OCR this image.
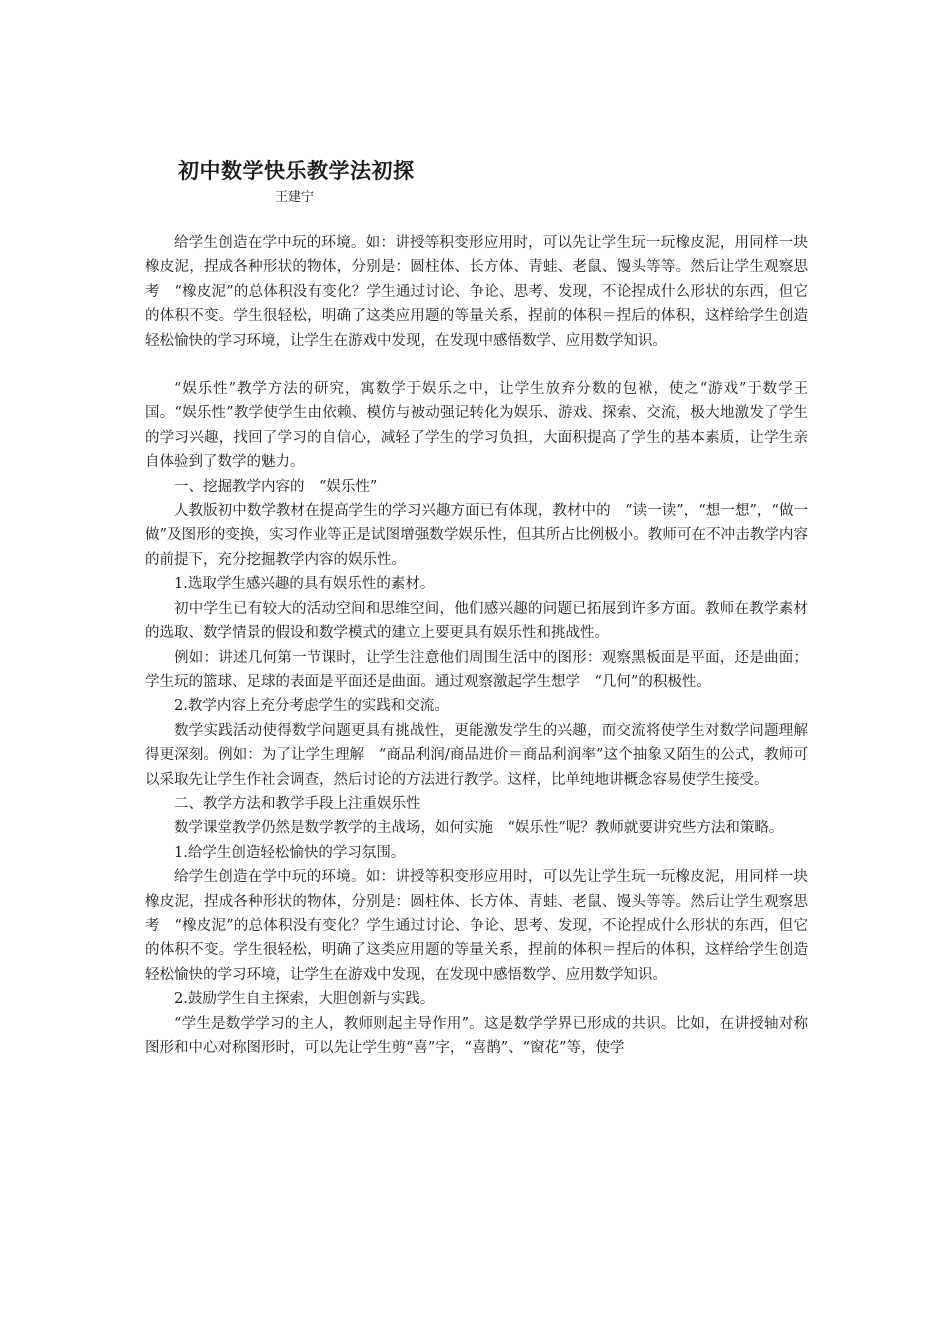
初中数学快乐教学法初探
王建宁

给学生创造在学中玩的环境。如：讲授等积变形应用时，可以先让学生玩一玩橡皮泥，用同样一块橡皮泥，捏成各种形状的物体，分别是：圆柱体、长方体、青蛙、老鼠、馒头等等。然后让学生观察思考　“橡皮泥”的总体积没有变化？学生通过讨论、争论、思考、发现，不论捏成什么形状的东西，但它的体积不变。学生很轻松，明确了这类应用题的等量关系，捏前的体积＝捏后的体积，这样给学生创造轻松愉快的学习环境，让学生在游戏中发现，在发现中感悟数学、应用数学知识。

“娱乐性”教学方法的研究，寓数学于娱乐之中，让学生放弃分数的包袱，使之“游戏”于数学王国。“娱乐性”教学使学生由依赖、模仿与被动强记转化为娱乐、游戏、探索、交流，极大地激发了学生的学习兴趣，找回了学习的自信心，减轻了学生的学习负担，大面积提高了学生的基本素质，让学生亲自体验到了数学的魅力。

一、挖掘教学内容的　“娱乐性”

人教版初中数学教材在提高学生的学习兴趣方面已有体现，教材中的　“读一读”，“想一想”，“做一做”及图形的变换，实习作业等正是试图增强数学娱乐性，但其所占比例极小。教师可在不冲击教学内容的前提下，充分挖掘教学内容的娱乐性。

1.选取学生感兴趣的具有娱乐性的素材。

初中学生已有较大的活动空间和思维空间，他们感兴趣的问题已拓展到许多方面。教师在教学素材的选取、数学情景的假设和数学模式的建立上要更具有娱乐性和挑战性。

例如：讲述几何第一节课时，让学生注意他们周围生活中的图形：观察黑板面是平面，还是曲面；学生玩的篮球、足球的表面是平面还是曲面。通过观察激起学生想学　“几何”的积极性。

2.教学内容上充分考虑学生的实践和交流。

数学实践活动使得数学问题更具有挑战性，更能激发学生的兴趣，而交流将使学生对数学问题理解得更深刻。例如：为了让学生理解　“商品利润/商品进价＝商品利润率”这个抽象又陌生的公式，教师可以采取先让学生作社会调查，然后讨论的方法进行教学。这样，比单纯地讲概念容易使学生接受。

二、教学方法和教学手段上注重娱乐性

数学课堂教学仍然是数学教学的主战场，如何实施　“娱乐性”呢？教师就要讲究些方法和策略。

1.给学生创造轻松愉快的学习氛围。

给学生创造在学中玩的环境。如：讲授等积变形应用时，可以先让学生玩一玩橡皮泥，用同样一块橡皮泥，捏成各种形状的物体，分别是：圆柱体、长方体、青蛙、老鼠、馒头等等。然后让学生观察思考　“橡皮泥”的总体积没有变化？学生通过讨论、争论、思考、发现，不论捏成什么形状的东西，但它的体积不变。学生很轻松，明确了这类应用题的等量关系，捏前的体积＝捏后的体积，这样给学生创造轻松愉快的学习环境，让学生在游戏中发现，在发现中感悟数学、应用数学知识。

2.鼓励学生自主探索，大胆创新与实践。

“学生是数学学习的主人，教师则起主导作用”。这是数学学界已形成的共识。比如，在讲授轴对称图形和中心对称图形时，可以先让学生剪“喜”字，“喜鹊”、“窗花”等，使学
